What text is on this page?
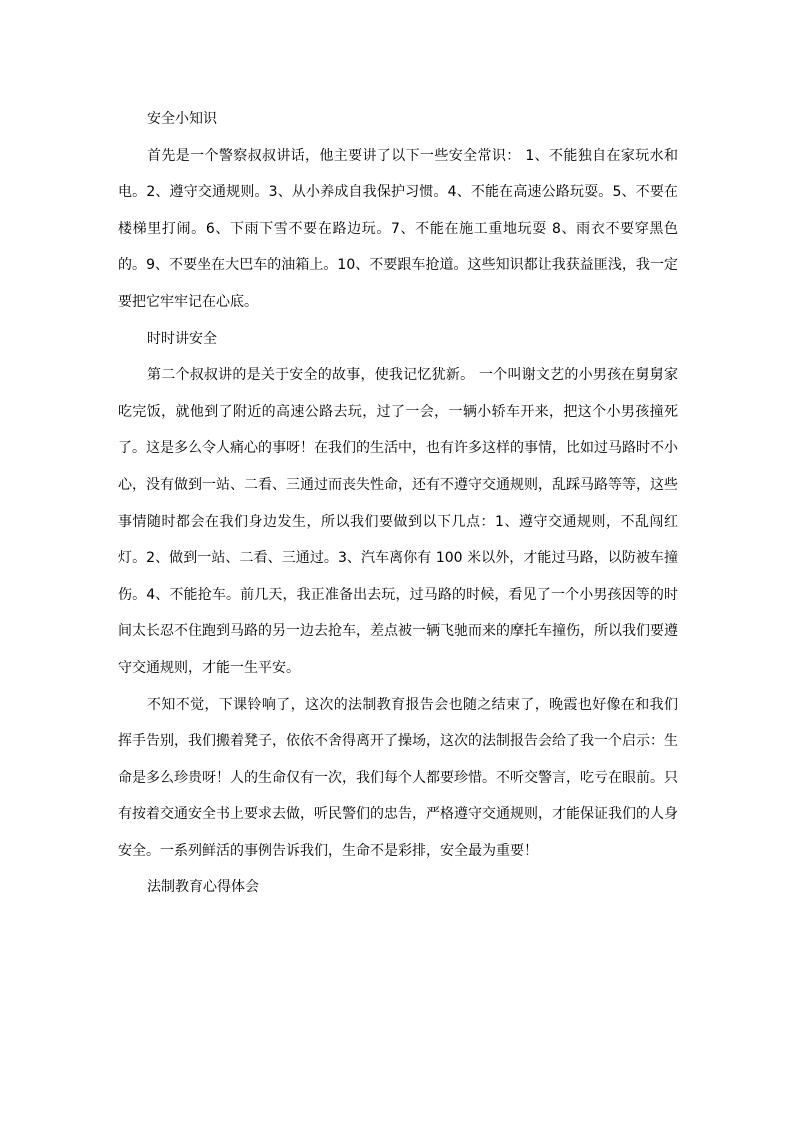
安全小知识

首先是一个警察叔叔讲话，他主要讲了以下一些安全常识： 1、不能独自在家玩水和电。2、遵守交通规则。3、从小养成自我保护习惯。4、不能在高速公路玩耍。5、不要在楼梯里打闹。6、下雨下雪不要在路边玩。7、不能在施工重地玩耍 8、雨衣不要穿黑色的。9、不要坐在大巴车的油箱上。10、不要跟车抢道。这些知识都让我获益匪浅，我一定要把它牢牢记在心底。

时时讲安全

第二个叔叔讲的是关于安全的故事，使我记忆犹新。 一个叫谢文艺的小男孩在舅舅家吃完饭，就他到了附近的高速公路去玩，过了一会，一辆小轿车开来，把这个小男孩撞死了。这是多么令人痛心的事呀！在我们的生活中，也有许多这样的事情，比如过马路时不小心，没有做到一站、二看、三通过而丧失性命，还有不遵守交通规则，乱踩马路等等，这些事情随时都会在我们身边发生，所以我们要做到以下几点：1、遵守交通规则，不乱闯红灯。2、做到一站、二看、三通过。3、汽车离你有 100 米以外，才能过马路，以防被车撞伤。4、不能抢车。前几天，我正准备出去玩，过马路的时候，看见了一个小男孩因等的时间太长忍不住跑到马路的另一边去抢车，差点被一辆飞驰而来的摩托车撞伤，所以我们要遵守交通规则，才能一生平安。

不知不觉，下课铃响了，这次的法制教育报告会也随之结束了，晚霞也好像在和我们挥手告别，我们搬着凳子，依依不舍得离开了操场，这次的法制报告会给了我一个启示：生命是多么珍贵呀！人的生命仅有一次，我们每个人都要珍惜。不听交警言，吃亏在眼前。只有按着交通安全书上要求去做，听民警们的忠告，严格遵守交通规则，才能保证我们的人身安全。一系列鲜活的事例告诉我们，生命不是彩排，安全最为重要！

法制教育心得体会
